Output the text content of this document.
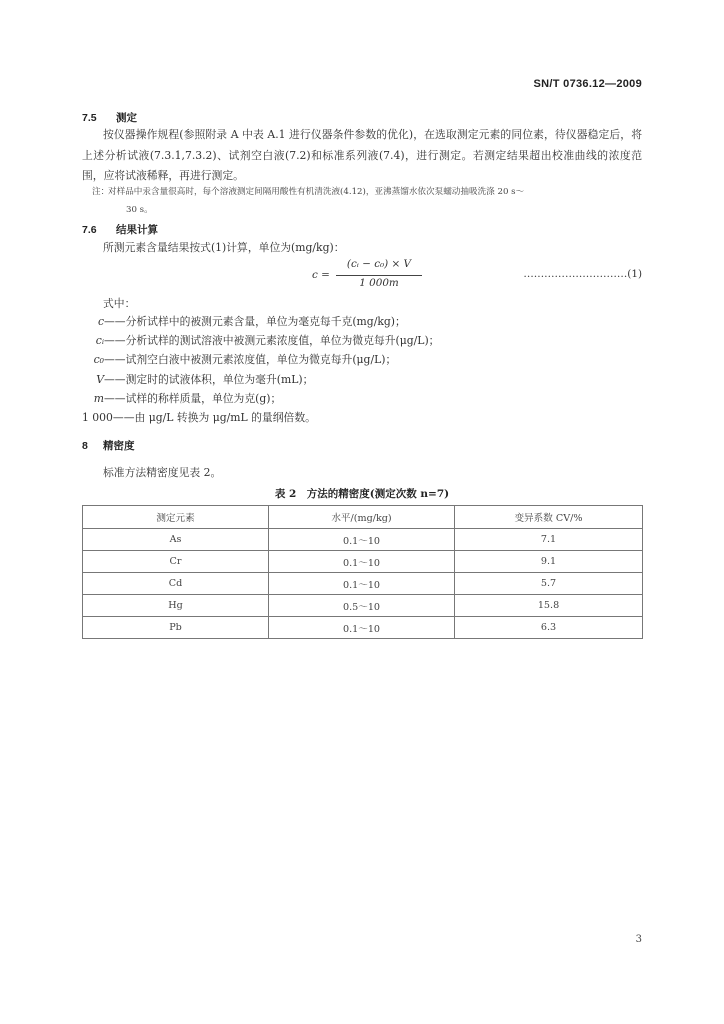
SN/T 0736.12—2009
7.5 测定
按仪器操作规程(参照附录 A 中表 A.1 进行仪器条件参数的优化)，在选取测定元素的同位素，待仪器稳定后，将上述分析试液(7.3.1,7.3.2)、试剂空白液(7.2)和标准系列液(7.4)，进行测定。若测定结果超出校准曲线的浓度范围，应将试液稀释，再进行测定。
注：对样品中汞含量很高时，每个溶液测定间隔用酸性有机清洗液(4.12)，亚沸蒸馏水依次泵蠕动抽吸洗涤 20 s～
30 s。
7.6 结果计算
所测元素含量结果按式(1)计算，单位为(mg/kg)：
c =
(cᵢ − c₀) × V
1 000m
…………………………(1)
式中：
c——分析试样中的被测元素含量，单位为毫克每千克(mg/kg)；
cᵢ——分析试样的测试溶液中被测元素浓度值，单位为微克每升(μg/L)；
c₀——试剂空白液中被测元素浓度值，单位为微克每升(μg/L)；
V——测定时的试液体积，单位为毫升(mL)；
m——试样的称样质量，单位为克(g)；
1 000——由 μg/L 转换为 μg/mL 的量纲倍数。
8 精密度
标准方法精密度见表 2。
表 2　方法的精密度(测定次数 n=7)
测定元素	水平/(mg/kg)	变异系数 CV/%
As	0.1～10	7.1
Cr	0.1～10	9.1
Cd	0.1～10	5.7
Hg	0.5～10	15.8
Pb	0.1～10	6.3
3
